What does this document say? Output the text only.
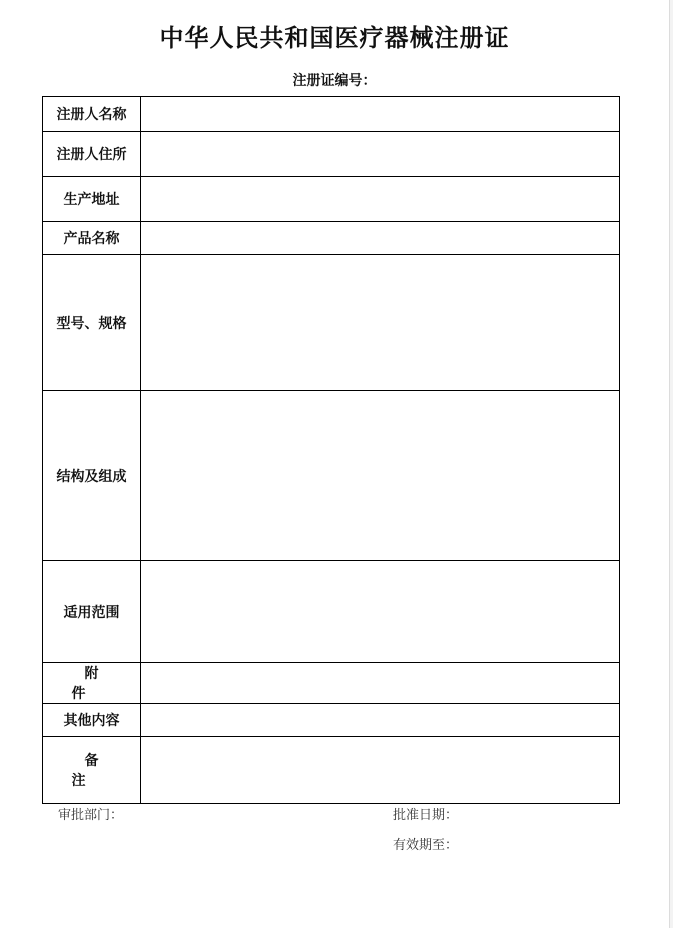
中华人民共和国医疗器械注册证
注册证编号：
注册人名称	
注册人住所	
生产地址	
产品名称	
型号、规格	
结构及组成	
适用范围	
附件	
其他内容	
备注	
审批部门：	批准日期：
有效期至：
